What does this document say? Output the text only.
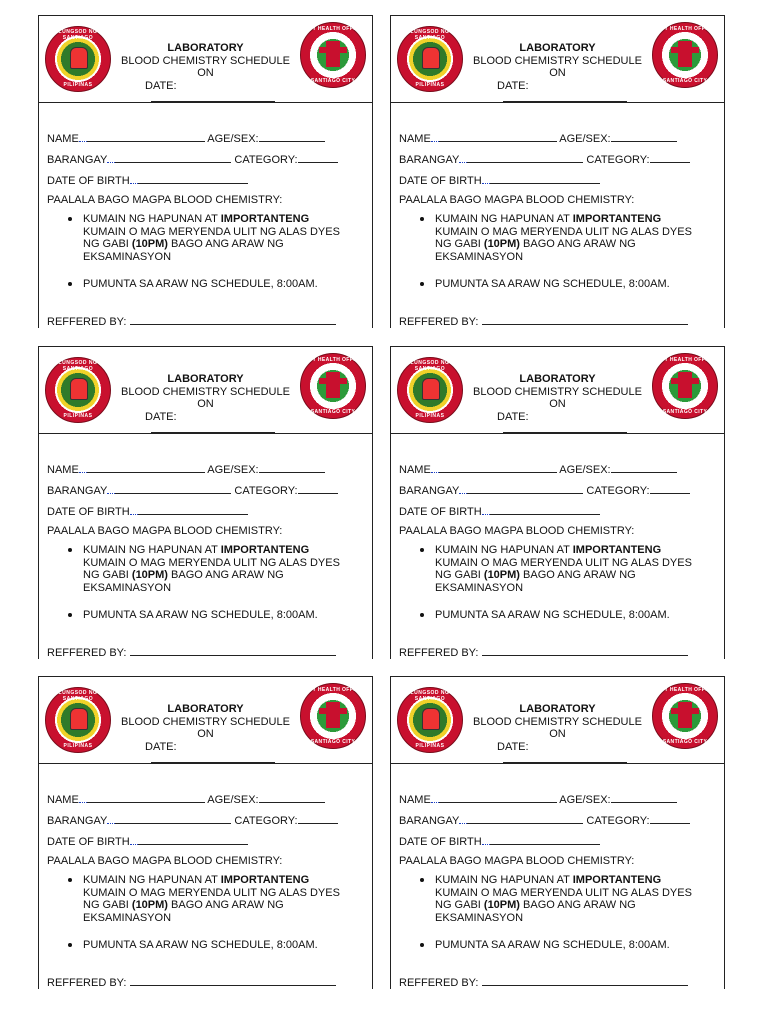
LUNGSOD NG SANTIAGO
PILIPINAS
LABORATORY
BLOOD CHEMISTRY SCHEDULE
ON
DATE:
CITY HEALTH OFFICE
SANTIAGO CITY
NAME	AGE/SEX:
BARANGAY	CATEGORY:
DATE OF BIRTH
PAALALA BAGO MAGPA BLOOD CHEMISTRY:
KUMAIN NG HAPUNAN AT IMPORTANTENG KUMAIN O MAG MERYENDA ULIT NG ALAS DYES NG GABI (10PM) BAGO ANG ARAW NG EKSAMINASYON
PUMUNTA SA ARAW NG SCHEDULE, 8:00AM.
REFFERED BY:
LUNGSOD NG SANTIAGO
PILIPINAS
LABORATORY
BLOOD CHEMISTRY SCHEDULE
ON
DATE:
CITY HEALTH OFFICE
SANTIAGO CITY
NAME	AGE/SEX:
BARANGAY	CATEGORY:
DATE OF BIRTH
PAALALA BAGO MAGPA BLOOD CHEMISTRY:
KUMAIN NG HAPUNAN AT IMPORTANTENG KUMAIN O MAG MERYENDA ULIT NG ALAS DYES NG GABI (10PM) BAGO ANG ARAW NG EKSAMINASYON
PUMUNTA SA ARAW NG SCHEDULE, 8:00AM.
REFFERED BY:
LUNGSOD NG SANTIAGO
PILIPINAS
LABORATORY
BLOOD CHEMISTRY SCHEDULE
ON
DATE:
CITY HEALTH OFFICE
SANTIAGO CITY
NAME	AGE/SEX:
BARANGAY	CATEGORY:
DATE OF BIRTH
PAALALA BAGO MAGPA BLOOD CHEMISTRY:
KUMAIN NG HAPUNAN AT IMPORTANTENG KUMAIN O MAG MERYENDA ULIT NG ALAS DYES NG GABI (10PM) BAGO ANG ARAW NG EKSAMINASYON
PUMUNTA SA ARAW NG SCHEDULE, 8:00AM.
REFFERED BY:
LUNGSOD NG SANTIAGO
PILIPINAS
LABORATORY
BLOOD CHEMISTRY SCHEDULE
ON
DATE:
CITY HEALTH OFFICE
SANTIAGO CITY
NAME	AGE/SEX:
BARANGAY	CATEGORY:
DATE OF BIRTH
PAALALA BAGO MAGPA BLOOD CHEMISTRY:
KUMAIN NG HAPUNAN AT IMPORTANTENG KUMAIN O MAG MERYENDA ULIT NG ALAS DYES NG GABI (10PM) BAGO ANG ARAW NG EKSAMINASYON
PUMUNTA SA ARAW NG SCHEDULE, 8:00AM.
REFFERED BY:
LUNGSOD NG SANTIAGO
PILIPINAS
LABORATORY
BLOOD CHEMISTRY SCHEDULE
ON
DATE:
CITY HEALTH OFFICE
SANTIAGO CITY
NAME	AGE/SEX:
BARANGAY	CATEGORY:
DATE OF BIRTH
PAALALA BAGO MAGPA BLOOD CHEMISTRY:
KUMAIN NG HAPUNAN AT IMPORTANTENG KUMAIN O MAG MERYENDA ULIT NG ALAS DYES NG GABI (10PM) BAGO ANG ARAW NG EKSAMINASYON
PUMUNTA SA ARAW NG SCHEDULE, 8:00AM.
REFFERED BY:
LUNGSOD NG SANTIAGO
PILIPINAS
LABORATORY
BLOOD CHEMISTRY SCHEDULE
ON
DATE:
CITY HEALTH OFFICE
SANTIAGO CITY
NAME	AGE/SEX:
BARANGAY	CATEGORY:
DATE OF BIRTH
PAALALA BAGO MAGPA BLOOD CHEMISTRY:
KUMAIN NG HAPUNAN AT IMPORTANTENG KUMAIN O MAG MERYENDA ULIT NG ALAS DYES NG GABI (10PM) BAGO ANG ARAW NG EKSAMINASYON
PUMUNTA SA ARAW NG SCHEDULE, 8:00AM.
REFFERED BY:
